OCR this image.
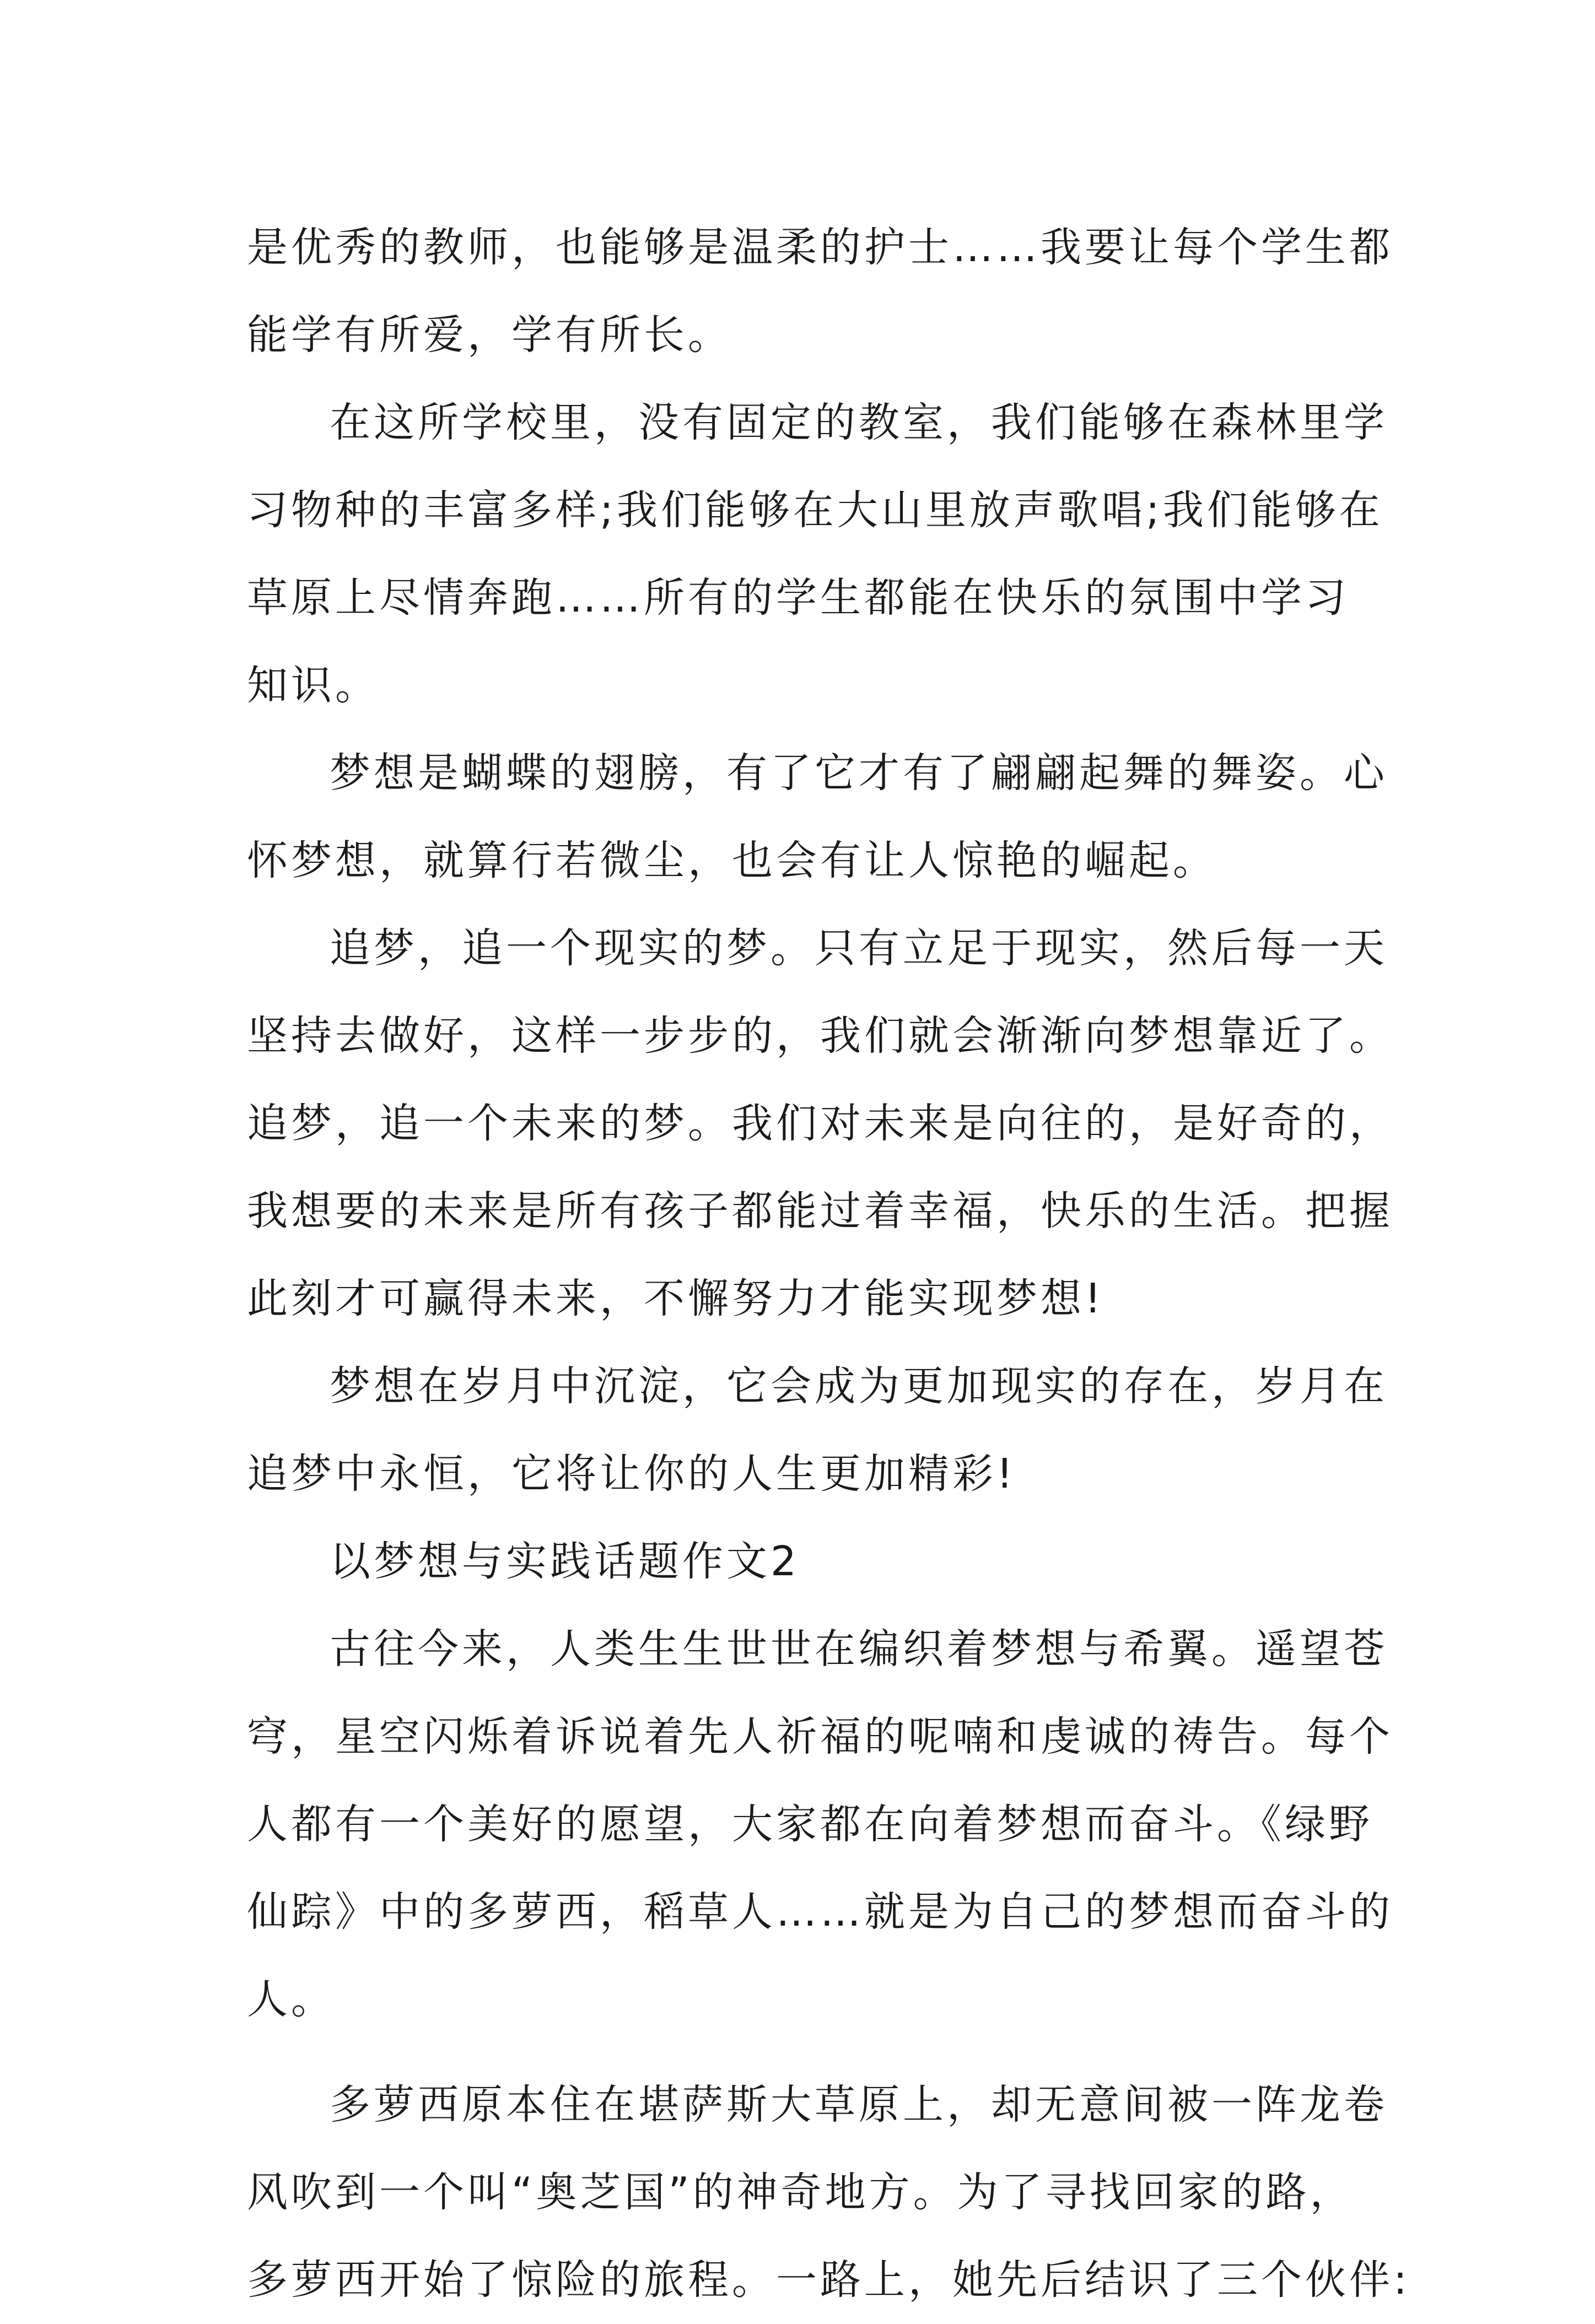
是优秀的教师，也能够是温柔的护士……我要让每个学生都
能学有所爱，学有所长。
在这所学校里，没有固定的教室，我们能够在森林里学
习物种的丰富多样;我们能够在大山里放声歌唱;我们能够在
草原上尽情奔跑……所有的学生都能在快乐的氛围中学习
知识。
梦想是蝴蝶的翅膀，有了它才有了翩翩起舞的舞姿。心
怀梦想，就算行若微尘，也会有让人惊艳的崛起。
追梦，追一个现实的梦。只有立足于现实，然后每一天
坚持去做好，这样一步步的，我们就会渐渐向梦想靠近了。
追梦，追一个未来的梦。我们对未来是向往的，是好奇的，
我想要的未来是所有孩子都能过着幸福，快乐的生活。把握
此刻才可赢得未来，不懈努力才能实现梦想!
梦想在岁月中沉淀，它会成为更加现实的存在，岁月在
追梦中永恒，它将让你的人生更加精彩!
以梦想与实践话题作文2
古往今来，人类生生世世在编织着梦想与希翼。遥望苍
穹，星空闪烁着诉说着先人祈福的呢喃和虔诚的祷告。每个
人都有一个美好的愿望，大家都在向着梦想而奋斗。《绿野
仙踪》中的多萝西，稻草人……就是为自己的梦想而奋斗的
人。
多萝西原本住在堪萨斯大草原上，却无意间被一阵龙卷
风吹到一个叫“奥芝国”的神奇地方。为了寻找回家的路，
多萝西开始了惊险的旅程。一路上，她先后结识了三个伙伴:
